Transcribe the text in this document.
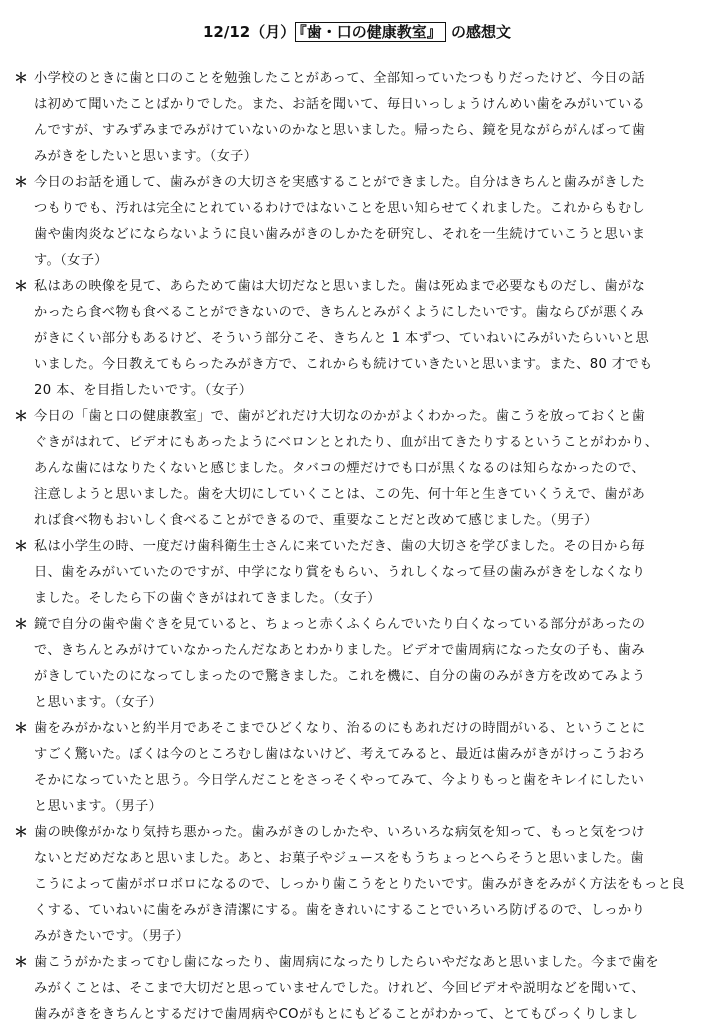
12/12（月） 『歯・口の健康教室』 の感想文
＊ 小学校のときに歯と口のことを勉強したことがあって、全部知っていたつもりだったけど、今日の話
は初めて聞いたことばかりでした。また、お話を聞いて、毎日いっしょうけんめい歯をみがいている
んですが、すみずみまでみがけていないのかなと思いました。帰ったら、鏡を見ながらがんばって歯
みがきをしたいと思います。（女子）
＊ 今日のお話を通して、歯みがきの大切さを実感することができました。自分はきちんと歯みがきした
つもりでも、汚れは完全にとれているわけではないことを思い知らせてくれました。これからもむし
歯や歯肉炎などにならないように良い歯みがきのしかたを研究し、それを一生続けていこうと思いま
す。（女子）
＊ 私はあの映像を見て、あらためて歯は大切だなと思いました。歯は死ぬまで必要なものだし、歯がな
かったら食べ物も食べることができないので、きちんとみがくようにしたいです。歯ならびが悪くみ
がきにくい部分もあるけど、そういう部分こそ、きちんと 1 本ずつ、ていねいにみがいたらいいと思
いました。今日教えてもらったみがき方で、これからも続けていきたいと思います。また、80 才でも
20 本、を目指したいです。（女子）
＊ 今日の「歯と口の健康教室」で、歯がどれだけ大切なのかがよくわかった。歯こうを放っておくと歯
ぐきがはれて、ビデオにもあったようにベロンととれたり、血が出てきたりするということがわかり、
あんな歯にはなりたくないと感じました。タバコの煙だけでも口が黒くなるのは知らなかったので、
注意しようと思いました。歯を大切にしていくことは、この先、何十年と生きていくうえで、歯があ
れば食べ物もおいしく食べることができるので、重要なことだと改めて感じました。（男子）
＊ 私は小学生の時、一度だけ歯科衛生士さんに来ていただき、歯の大切さを学びました。その日から毎
日、歯をみがいていたのですが、中学になり賞をもらい、うれしくなって昼の歯みがきをしなくなり
ました。そしたら下の歯ぐきがはれてきました。（女子）
＊ 鏡で自分の歯や歯ぐきを見ていると、ちょっと赤くふくらんでいたり白くなっている部分があったの
で、きちんとみがけていなかったんだなあとわかりました。ビデオで歯周病になった女の子も、歯み
がきしていたのになってしまったので驚きました。これを機に、自分の歯のみがき方を改めてみよう
と思います。（女子）
＊ 歯をみがかないと約半月であそこまでひどくなり、治るのにもあれだけの時間がいる、ということに
すごく驚いた。ぼくは今のところむし歯はないけど、考えてみると、最近は歯みがきがけっこうおろ
そかになっていたと思う。今日学んだことをさっそくやってみて、今よりもっと歯をキレイにしたい
と思います。（男子）
＊ 歯の映像がかなり気持ち悪かった。歯みがきのしかたや、いろいろな病気を知って、もっと気をつけ
ないとだめだなあと思いました。あと、お菓子やジュースをもうちょっとへらそうと思いました。歯
こうによって歯がボロボロになるので、しっかり歯こうをとりたいです。歯みがきをみがく方法をもっと良
くする、ていねいに歯をみがき清潔にする。歯をきれいにすることでいろいろ防げるので、しっかり
みがきたいです。（男子）
＊ 歯こうがかたまってむし歯になったり、歯周病になったりしたらいやだなあと思いました。今まで歯を
みがくことは、そこまで大切だと思っていませんでした。けれど、今回ビデオや説明などを聞いて、
歯みがきをきちんとするだけで歯周病やCOがもとにもどることがわかって、とてもびっくりしまし
